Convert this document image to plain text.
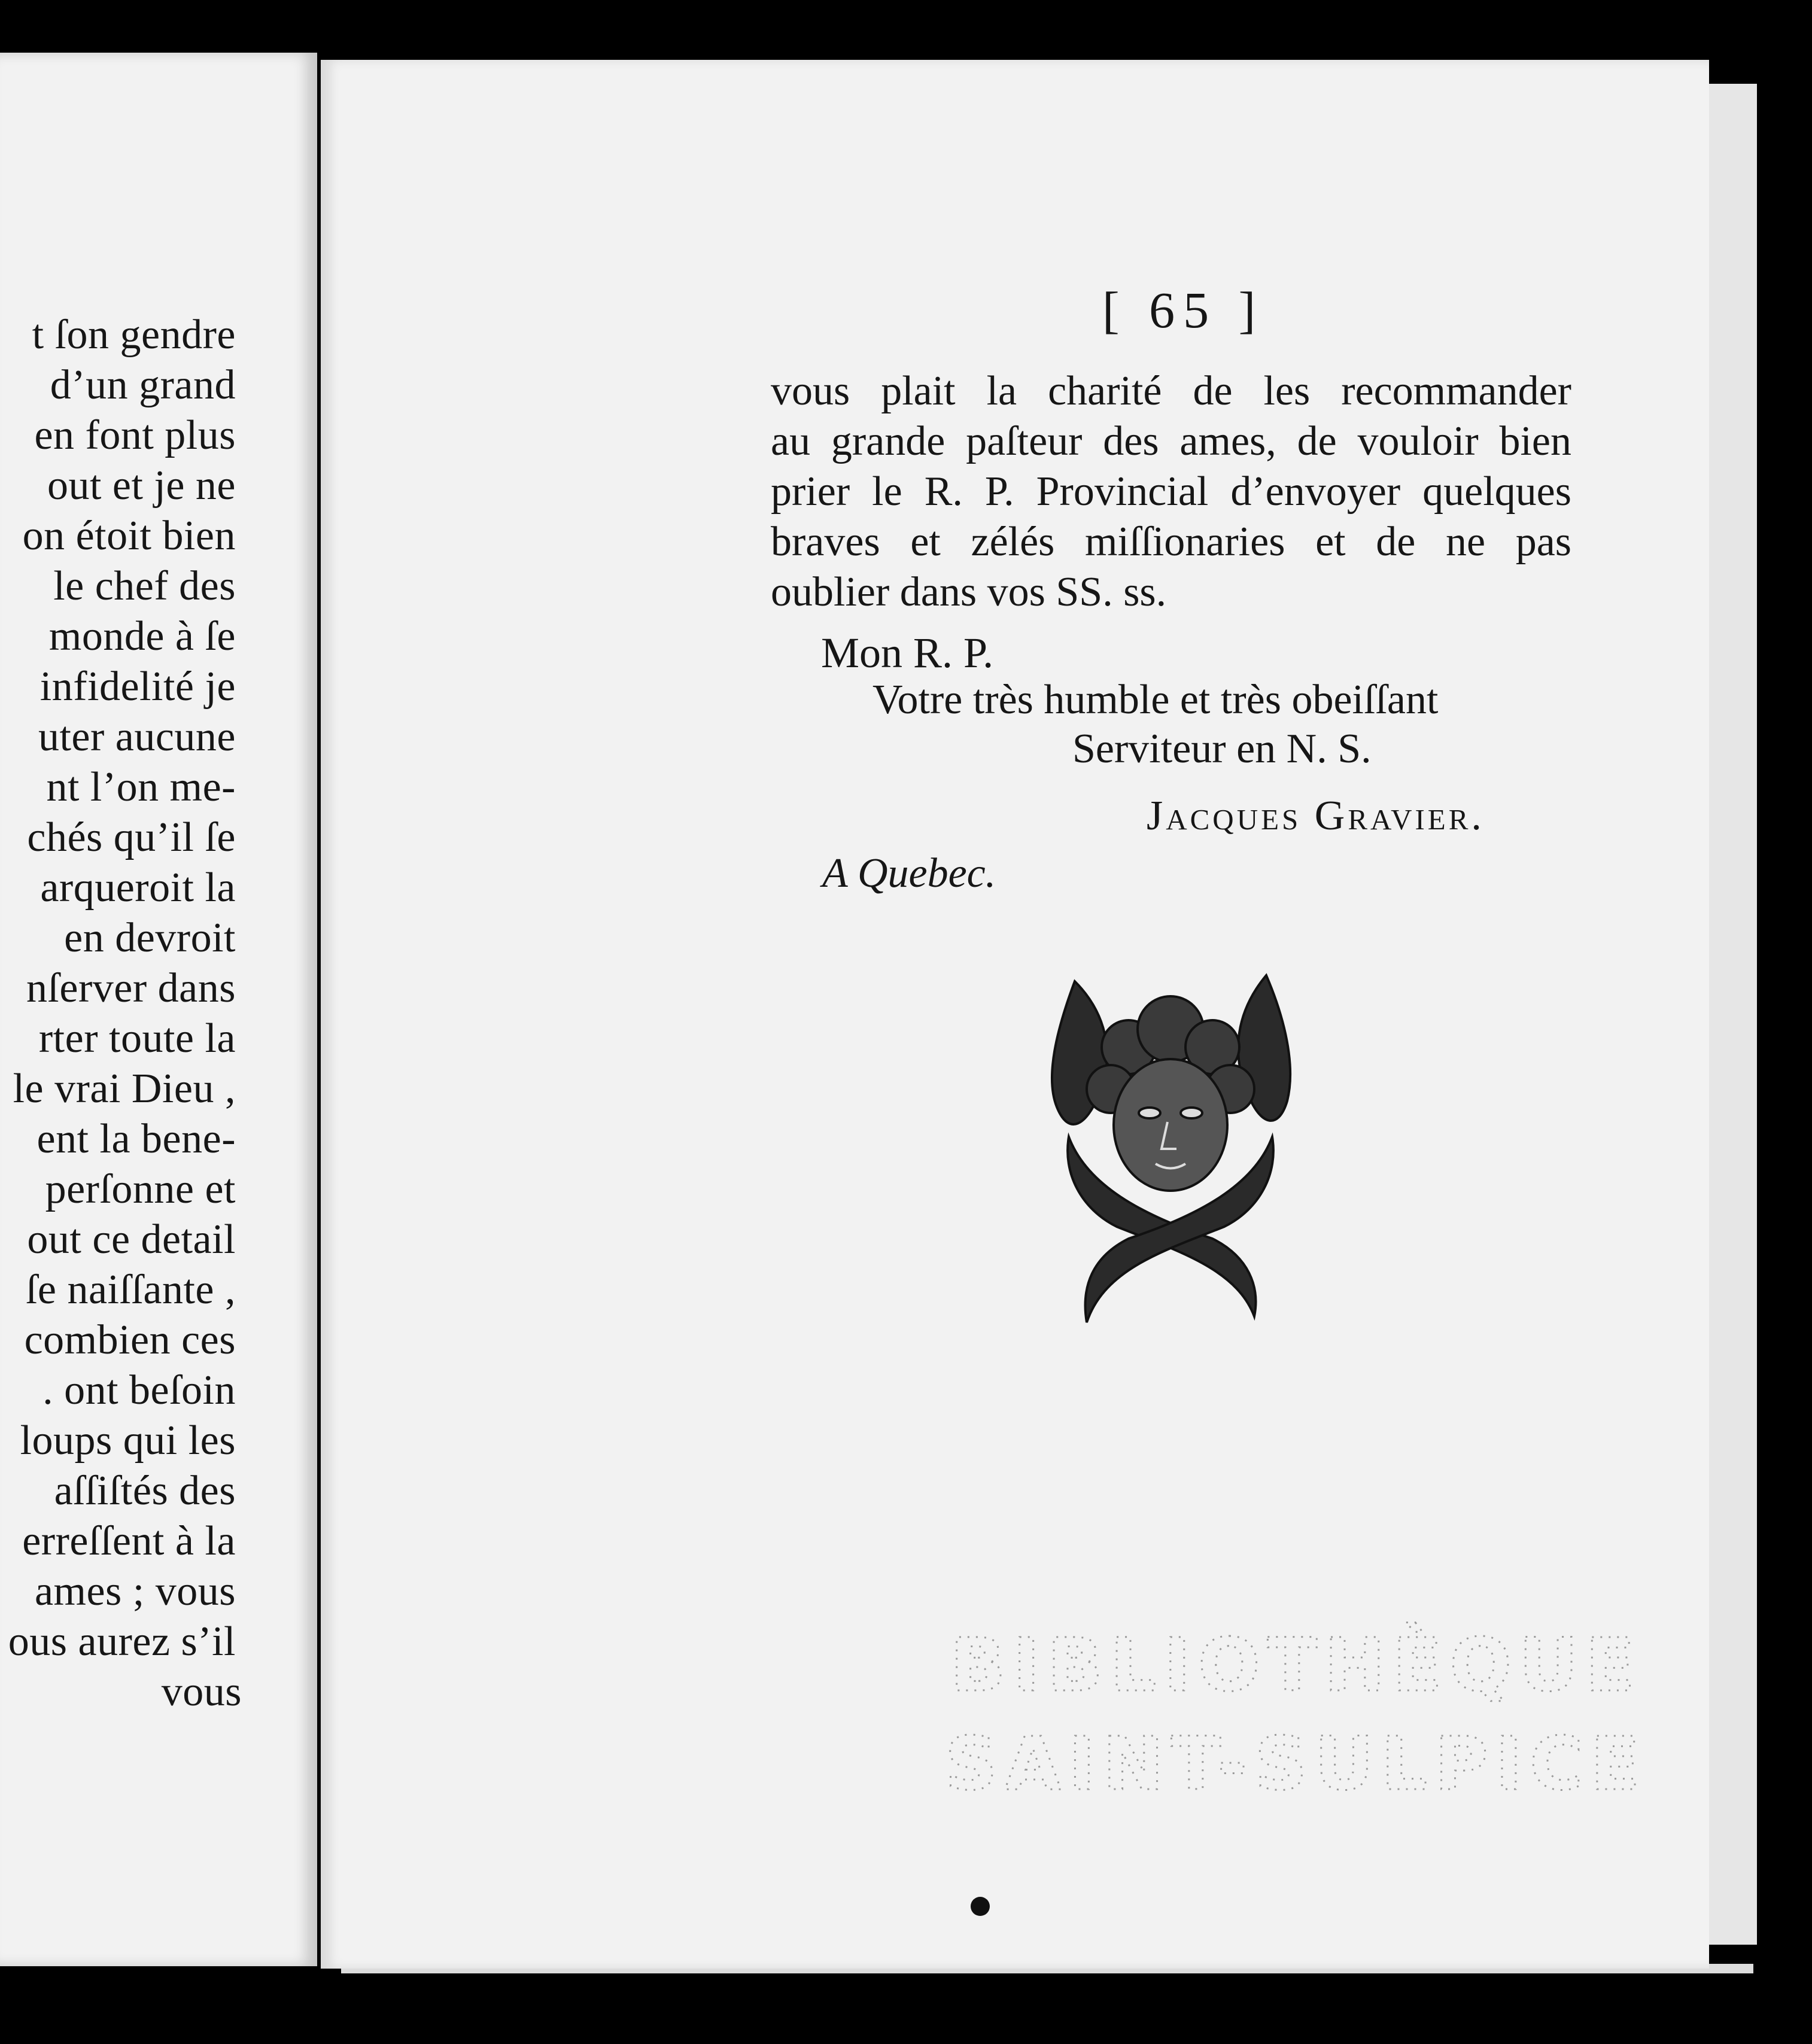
t ſon gendre
d’un grand
en font plus
out et je ne
on étoit bien
le chef des
monde à ſe
infidelité je
uter aucune
nt l’on me-
chés qu’il ſe
arqueroit la
en devroit
nſerver dans
rter toute la
le vrai Dieu ,
ent la bene-
perſonne et
out ce detail
ſe naiſſante ,
combien ces
. ont beſoin
loups qui les
aſſiſtés des
erreſſent à la
ames ; vous
ous aurez s’il
vous
[ 65 ]
vous plait la charité de les recommander
au grande paſteur des ames, de vouloir bien
prier le R. P. Provincial d’envoyer quelques
braves et zélés miſſionaries et de ne pas
oublier dans vos SS. ss.
Mon R. P.
Votre très humble et très obeiſſant
Serviteur en N. S.
Jacques Gravier.
A Quebec.
BIBLIOTHÈQUE
SAINT-SULPICE
